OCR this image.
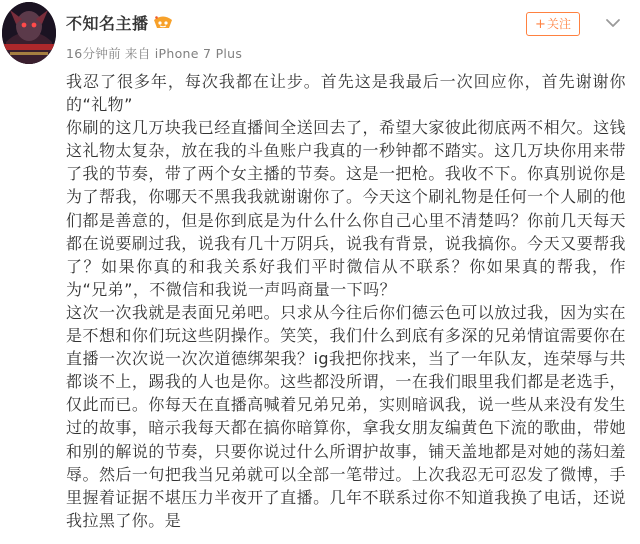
不知名主播
16分钟前 来自 iPhone 7 Plus
+关注

我忍了很多年，每次我都在让步。首先这是我最后一次回应你，首先谢谢你的“礼物”

你刷的这几万块我已经直播间全送回去了，希望大家彼此彻底两不相欠。这钱这礼物太复杂，放在我的斗鱼账户我真的一秒钟都不踏实。这几万块你用来带了我的节奏，带了两个女主播的节奏。这是一把枪。我收不下。你真别说你是为了帮我，你哪天不黑我我就谢谢你了。今天这个刷礼物是任何一个人刷的他们都是善意的，但是你到底是为什么什么你自己心里不清楚吗？你前几天每天都在说要刷过我，说我有几十万阴兵，说我有背景，说我搞你。今天又要帮我了？如果你真的和我关系好我们平时微信从不联系？你如果真的帮我，作为“兄弟”，不微信和我说一声吗商量一下吗？

这次一次我就是表面兄弟吧。只求从今往后你们德云色可以放过我，因为实在是不想和你们玩这些阴操作。笑笑，我们什么到底有多深的兄弟情谊需要你在直播一次次说一次次道德绑架我？ig我把你找来，当了一年队友，连荣辱与共都谈不上，踢我的人也是你。这些都没所谓，一在我们眼里我们都是老选手，仅此而已。你每天在直播高喊着兄弟兄弟，实则暗讽我，说一些从来没有发生过的故事，暗示我每天都在搞你暗算你，拿我女朋友编黄色下流的歌曲，带她和别的解说的节奏，只要你说过什么所谓护故事，铺天盖地都是对她的荡妇羞辱。然后一句把我当兄弟就可以全部一笔带过。上次我忍无可忍发了微博，手里握着证据不堪压力半夜开了直播。几年不联系过你不知道我换了电话，还说我拉黑了你。是
